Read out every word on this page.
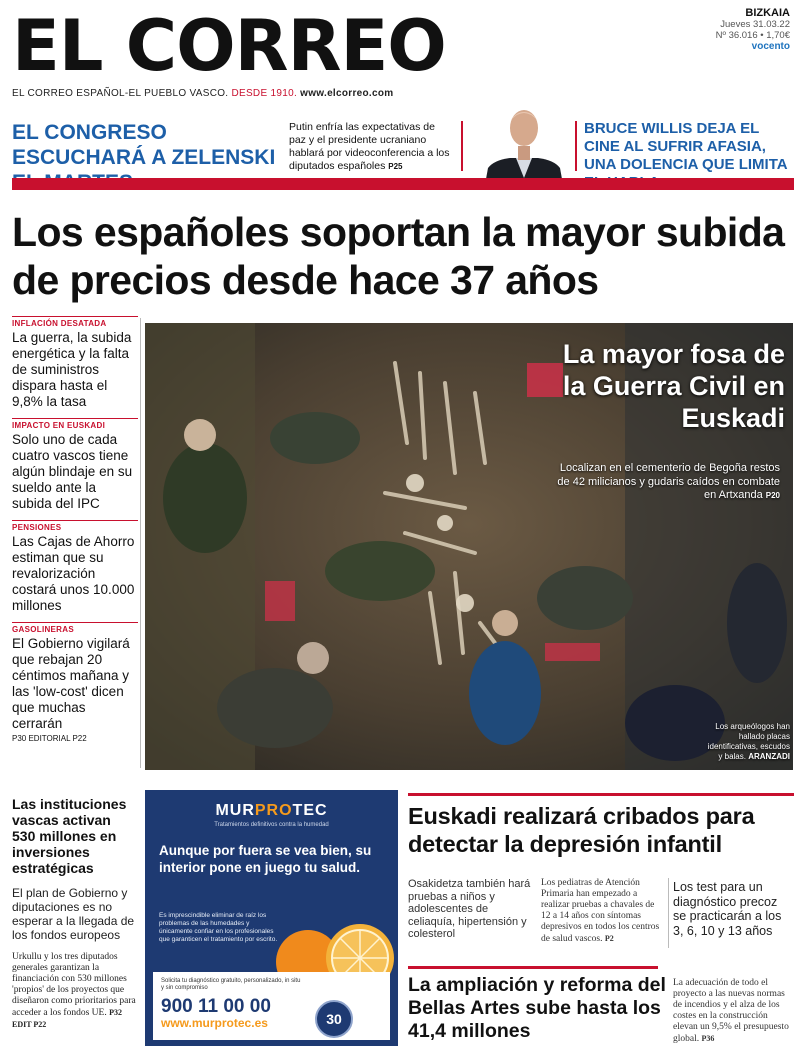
EL CORREO
EL CORREO ESPAÑOL-EL PUEBLO VASCO. DESDE 1910. www.elcorreo.com
BIZKAIA
Jueves 31.03.22
Nº 36.016 • 1,70€
vocento
EL CONGRESO ESCUCHARÁ A ZELENSKI
Putin enfría las expectativas de paz y el presidente ucraniano hablará por videoconferencia a los diputados españoles P25
BRUCE WILLIS DEJA EL CINE AL SUFRIR AFASIA, UNA DOLENCIA QUE LIMITA
Los españoles soportan la mayor subida de precios desde hace 37 años
INFLACIÓN DESATADA
La guerra, la subida energética y la falta de suministros dispara hasta el 9,8% la tasa
IMPACTO EN EUSKADI
Solo uno de cada cuatro vascos tiene algún blindaje en su sueldo ante la subida del IPC
PENSIONES
Las Cajas de Ahorro estiman que su revalorización costará unos 10.000 millones
GASOLINERAS
El Gobierno vigilará que rebajan 20 céntimos mañana y las 'low-cost' dicen que muchas cerrarán
P30 EDITORIAL P22
La mayor fosa de la Guerra Civil en Euskadi
Localizan en el cementerio de Begoña restos de 42 milicianos y gudaris caídos en combate en Artxanda P20
Los arqueólogos han hallado placas identificativas, escudos y balas. ARANZADI
Las instituciones vascas activan 530 millones en inversiones estratégicas
El plan de Gobierno y diputaciones es no esperar a la llegada de los fondos europeos
Urkullu y los tres diputados generales garantizan la financiación con 530 millones 'propios' de los proyectos que diseñaron como prioritarios para acceder a los fondos UE. P32 EDIT P22
MURPROTEC
Tratamientos definitivos contra la humedad
Aunque por fuera se vea bien, su interior pone en juego tu salud.
Es imprescindible eliminar de raíz los problemas de las humedades y únicamente confiar en los profesionales que garanticen el tratamiento por escrito.
Solicita tu diagnóstico gratuito, personalizado, in situ y sin compromiso
900 11 00 00
www.murprotec.es	30
Euskadi realizará cribados para detectar la depresión infantil
Osakidetza también hará pruebas a niños y adolescentes de celiaquía, hipertensión y colesterol
Los pediatras de Atención Primaria han empezado a realizar pruebas a chavales de 12 a 14 años con síntomas depresivos en todos los centros de salud vascos. P2
Los test para un diagnóstico precoz se practicarán a los 3, 6, 10 y 13 años
La ampliación y reforma del Bellas Artes sube hasta los 41,4 millones
La adecuación de todo el proyecto a las nuevas normas de incendios y el alza de los costes en la construcción elevan un 9,5% el presupuesto global. P36
